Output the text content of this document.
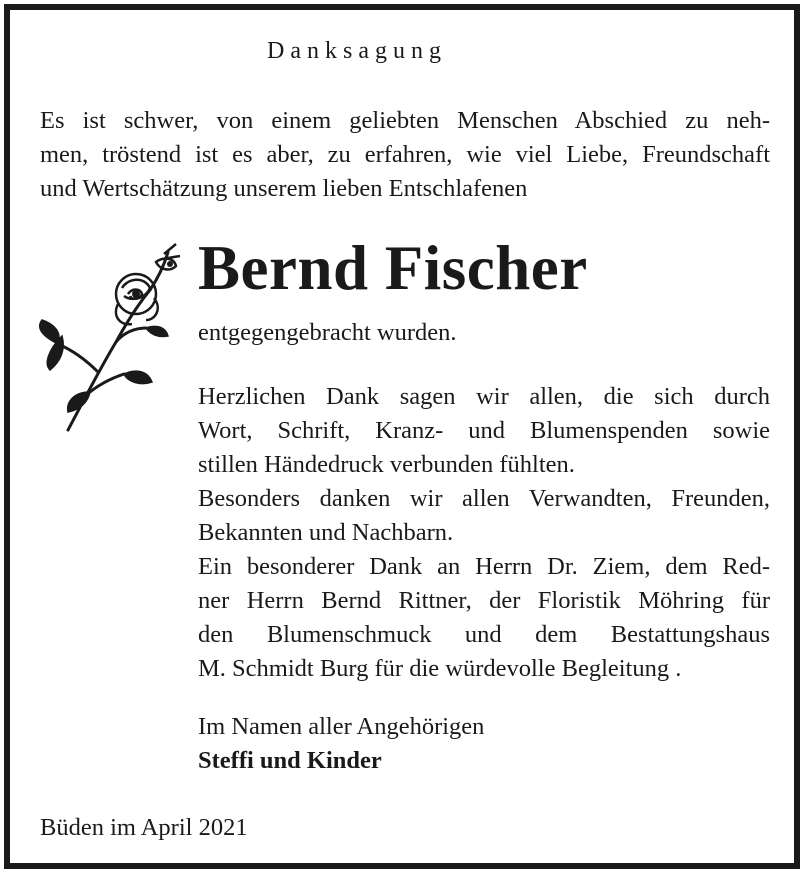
Danksagung
Es ist schwer, von einem geliebten Menschen Abschied zu neh-
men, tröstend ist es aber, zu erfahren, wie viel Liebe, Freundschaft
und Wertschätzung unserem lieben Entschlafenen
Bernd Fischer
entgegengebracht wurden.
Herzlichen Dank sagen wir allen, die sich durch
Wort, Schrift, Kranz- und Blumenspenden sowie
stillen Händedruck verbunden fühlten.
Besonders danken wir allen Verwandten, Freunden,
Bekannten und Nachbarn.
Ein besonderer Dank an Herrn Dr. Ziem, dem Red-
ner Herrn Bernd Rittner, der Floristik Möhring für
den Blumenschmuck und dem Bestattungshaus
M. Schmidt Burg für die würdevolle Begleitung .
Im Namen aller Angehörigen
Steffi und Kinder
Büden im April 2021
